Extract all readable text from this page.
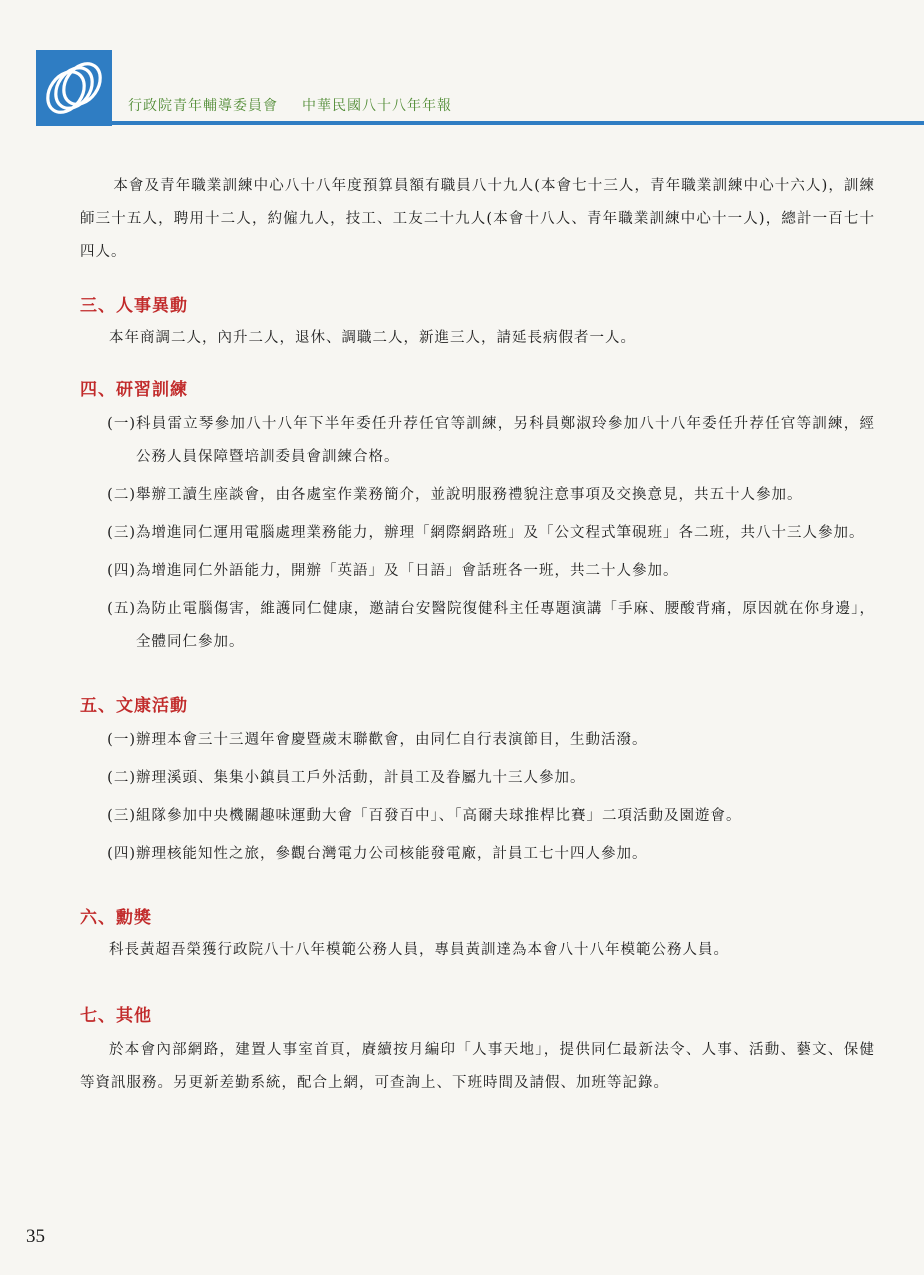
行政院青年輔導委員會 中華民國八十八年年報

本會及青年職業訓練中心八十八年度預算員額有職員八十九人(本會七十三人，青年職業訓練中心十六人)，訓練師三十五人，聘用十二人，約僱九人，技工、工友二十九人(本會十八人、青年職業訓練中心十一人)，總計一百七十四人。

三、人事異動

本年商調二人，內升二人，退休、調職二人，新進三人，請延長病假者一人。

四、研習訓練
(一) 科員雷立琴參加八十八年下半年委任升荐任官等訓練，另科員鄭淑玲參加八十八年委任升荐任官等訓練，經公務人員保障暨培訓委員會訓練合格。
(二) 舉辦工讀生座談會，由各處室作業務簡介，並說明服務禮貌注意事項及交換意見，共五十人參加。
(三) 為增進同仁運用電腦處理業務能力，辦理「網際網路班」及「公文程式筆硯班」各二班，共八十三人參加。
(四) 為增進同仁外語能力，開辦「英語」及「日語」會話班各一班，共二十人參加。
(五) 為防止電腦傷害，維護同仁健康，邀請台安醫院復健科主任專題演講「手麻、腰酸背痛，原因就在你身邊」，全體同仁參加。
五、文康活動
(一) 辦理本會三十三週年會慶暨歲末聯歡會，由同仁自行表演節目，生動活潑。
(二) 辦理溪頭、集集小鎮員工戶外活動，計員工及眷屬九十三人參加。
(三) 組隊參加中央機關趣味運動大會「百發百中」、「高爾夫球推桿比賽」二項活動及園遊會。
(四) 辦理核能知性之旅，參觀台灣電力公司核能發電廠，計員工七十四人參加。
六、勳獎

科長黃超吾榮獲行政院八十八年模範公務人員，專員黃訓達為本會八十八年模範公務人員。

七、其他

於本會內部網路，建置人事室首頁，賡續按月編印「人事天地」，提供同仁最新法令、人事、活動、藝文、保健等資訊服務。另更新差勤系統，配合上網，可查詢上、下班時間及請假、加班等記錄。

35
